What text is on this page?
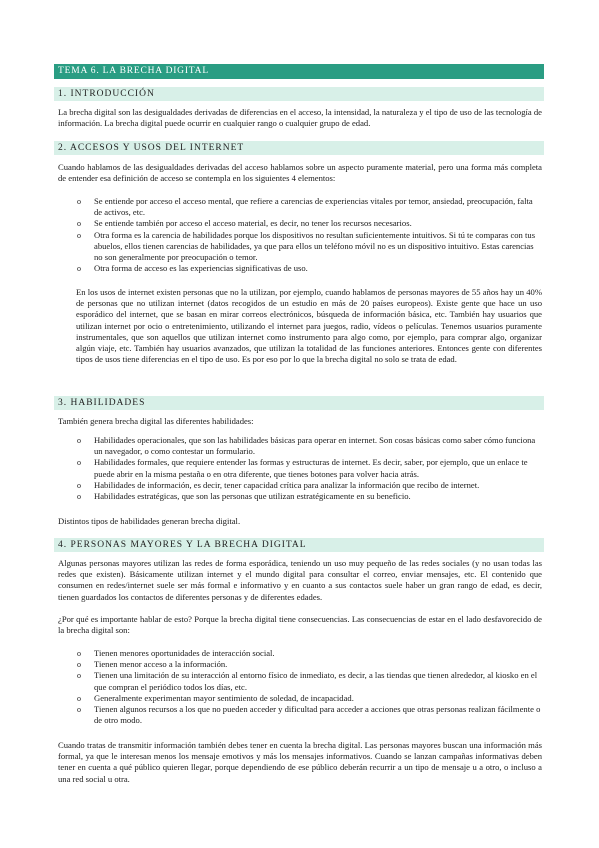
TEMA 6. LA BRECHA DIGITAL
1. INTRODUCCIÓN

La brecha digital son las desigualdades derivadas de diferencias en el acceso, la intensidad, la naturaleza y el tipo de uso de las tecnología de información. La brecha digital puede ocurrir en cualquier rango o cualquier grupo de edad.

2. ACCESOS Y USOS DEL INTERNET

Cuando hablamos de las desigualdades derivadas del acceso hablamos sobre un aspecto puramente material, pero una forma más completa de entender esa definición de acceso se contempla en los siguientes 4 elementos:

o Se entiende por acceso el acceso mental, que refiere a carencias de experiencias vitales por temor, ansiedad, preocupación, falta de activos, etc.
o Se entiende también por acceso el acceso material, es decir, no tener los recursos necesarios.
o Otra forma es la carencia de habilidades porque los dispositivos no resultan suficientemente intuitivos. Si tú te comparas con tus abuelos, ellos tienen carencias de habilidades, ya que para ellos un teléfono móvil no es un dispositivo intuitivo. Estas carencias no son generalmente por preocupación o temor.
o Otra forma de acceso es las experiencias significativas de uso.

En los usos de internet existen personas que no la utilizan, por ejemplo, cuando hablamos de personas mayores de 55 años hay un 40% de personas que no utilizan internet (datos recogidos de un estudio en más de 20 países europeos). Existe gente que hace un uso esporádico del internet, que se basan en mirar correos electrónicos, búsqueda de información básica, etc. También hay usuarios que utilizan internet por ocio o entretenimiento, utilizando el internet para juegos, radio, vídeos o películas. Tenemos usuarios puramente instrumentales, que son aquellos que utilizan internet como instrumento para algo como, por ejemplo, para comprar algo, organizar algún viaje, etc. También hay usuarios avanzados, que utilizan la totalidad de las funciones anteriores. Entonces gente con diferentes tipos de usos tiene diferencias en el tipo de uso. Es por eso por lo que la brecha digital no solo se trata de edad.

3. HABILIDADES

También genera brecha digital las diferentes habilidades:

o Habilidades operacionales, que son las habilidades básicas para operar en internet. Son cosas básicas como saber cómo funciona un navegador, o como contestar un formulario.
o Habilidades formales, que requiere entender las formas y estructuras de internet. Es decir, saber, por ejemplo, que un enlace te puede abrir en la misma pestaña o en otra diferente, que tienes botones para volver hacia atrás.
o Habilidades de información, es decir, tener capacidad crítica para analizar la información que recibo de internet.
o Habilidades estratégicas, que son las personas que utilizan estratégicamente en su beneficio.

Distintos tipos de habilidades generan brecha digital.

4. PERSONAS MAYORES Y LA BRECHA DIGITAL

Algunas personas mayores utilizan las redes de forma esporádica, teniendo un uso muy pequeño de las redes sociales (y no usan todas las redes que existen). Básicamente utilizan internet y el mundo digital para consultar el correo, enviar mensajes, etc. El contenido que consumen en redes/internet suele ser más formal e informativo y en cuanto a sus contactos suele haber un gran rango de edad, es decir, tienen guardados los contactos de diferentes personas y de diferentes edades.

¿Por qué es importante hablar de esto? Porque la brecha digital tiene consecuencias. Las consecuencias de estar en el lado desfavorecido de la brecha digital son:

o Tienen menores oportunidades de interacción social.
o Tienen menor acceso a la información.
o Tienen una limitación de su interacción al entorno físico de inmediato, es decir, a las tiendas que tienen alrededor, al kiosko en el que compran el periódico todos los días, etc.
o Generalmente experimentan mayor sentimiento de soledad, de incapacidad.
o Tienen algunos recursos a los que no pueden acceder y dificultad para acceder a acciones que otras personas realizan fácilmente o de otro modo.

Cuando tratas de transmitir información también debes tener en cuenta la brecha digital. Las personas mayores buscan una información más formal, ya que le interesan menos los mensaje emotivos y más los mensajes informativos. Cuando se lanzan campañas informativas deben tener en cuenta a qué público quieren llegar, porque dependiendo de ese público deberán recurrir a un tipo de mensaje u a otro, o incluso a una red social u otra.
